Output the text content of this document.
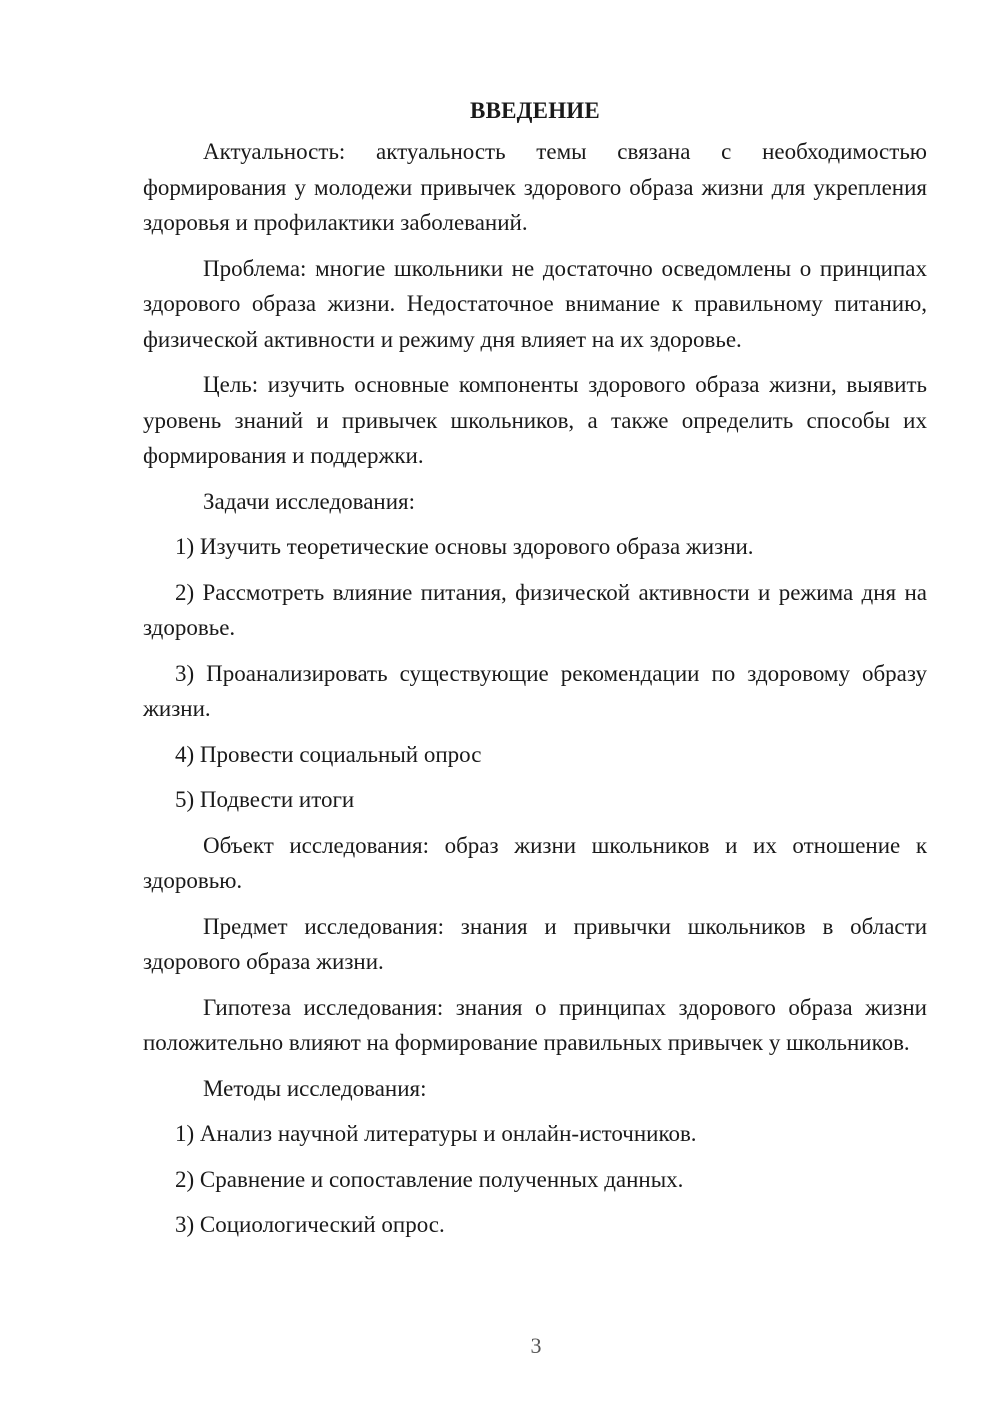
ВВЕДЕНИЕ

Актуальность: актуальность темы связана с необходимостью формирования у молодежи привычек здорового образа жизни для укрепления здоровья и профилактики заболеваний.

Проблема: многие школьники не достаточно осведомлены о принципах здорового образа жизни. Недостаточное внимание к правильному питанию, физической активности и режиму дня влияет на их здоровье.

Цель: изучить основные компоненты здорового образа жизни, выявить уровень знаний и привычек школьников, а также определить способы их формирования и поддержки.

Задачи исследования:

1) Изучить теоретические основы здорового образа жизни.

2) Рассмотреть влияние питания, физической активности и режима дня на здоровье.

3) Проанализировать существующие рекомендации по здоровому образу жизни.

4) Провести социальный опрос

5) Подвести итоги

Объект исследования: образ жизни школьников и их отношение к здоровью.

Предмет исследования: знания и привычки школьников в области здорового образа жизни.

Гипотеза исследования: знания о принципах здорового образа жизни положительно влияют на формирование правильных привычек у школьников.

Методы исследования:

1) Анализ научной литературы и онлайн-источников.

2) Сравнение и сопоставление полученных данных.

3) Социологический опрос.

3
